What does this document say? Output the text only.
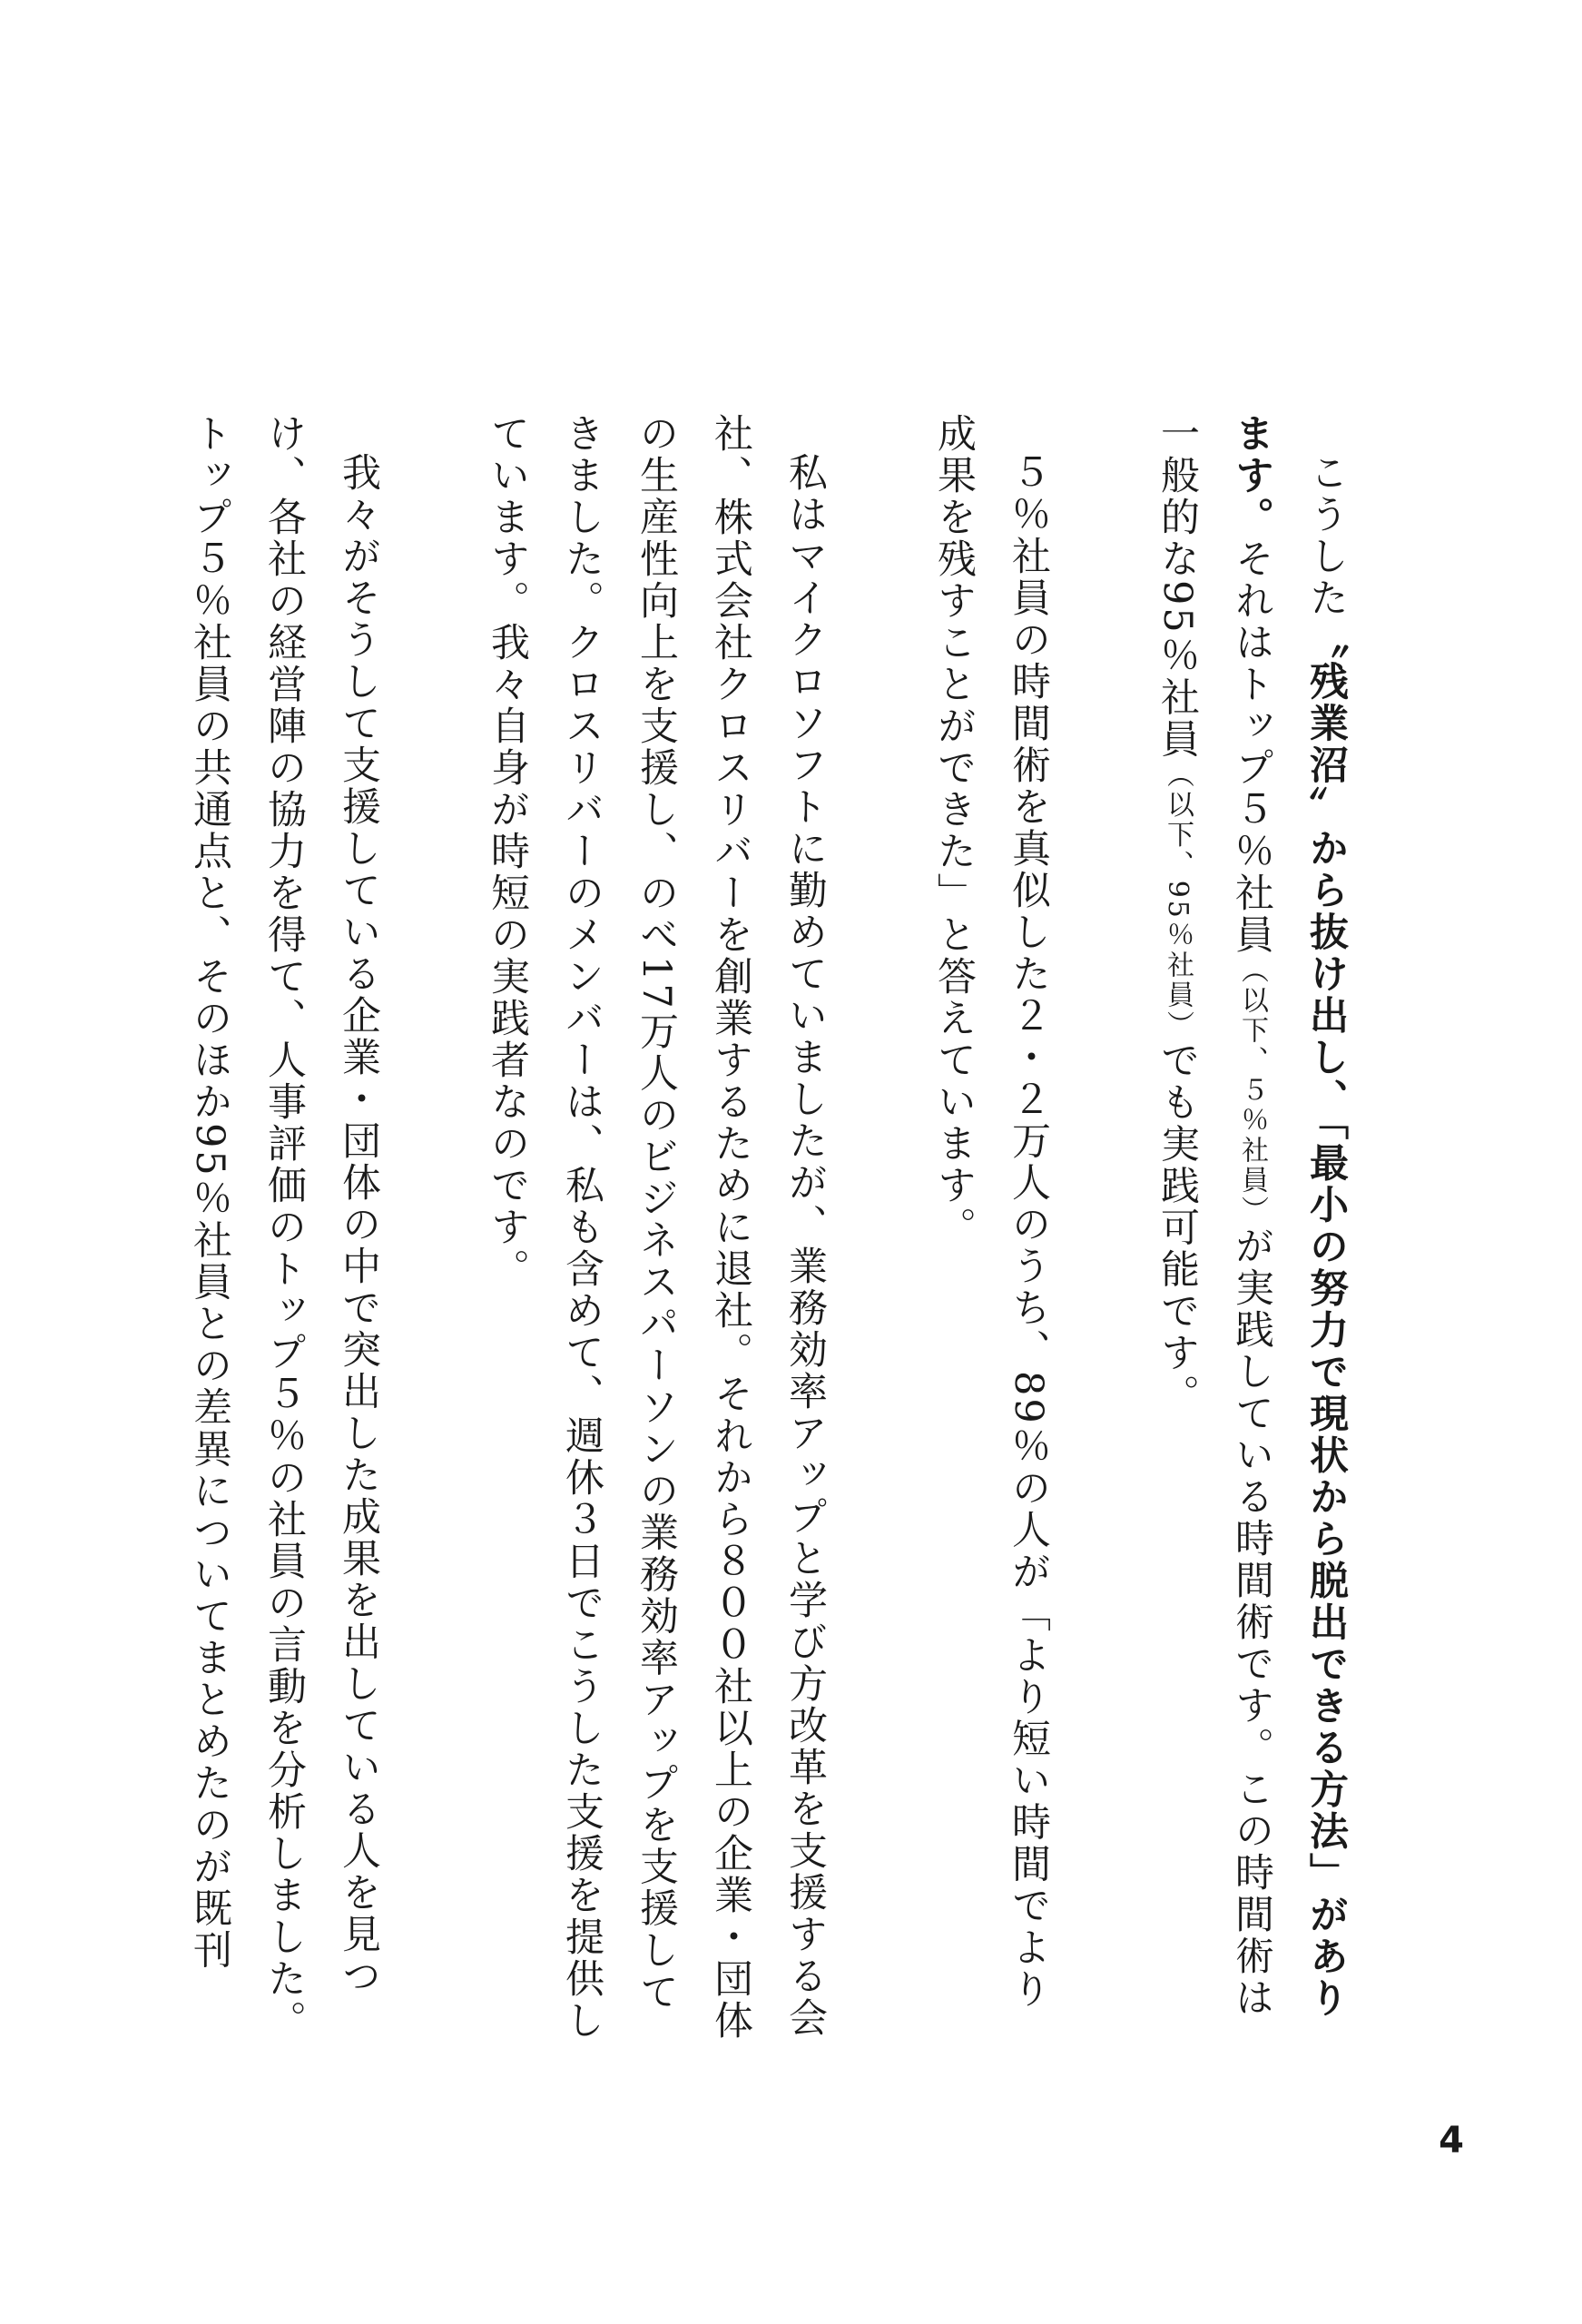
こうした〝残業沼〟から抜け出し、「最小の努力で現状から脱出できる方法」があります。それはトップ５％社員（以下、５％社員）が実践している時間術です。この時間術は一般的な95％社員（以下、95％社員）でも実践可能です。

５％社員の時間術を真似した２・２万人のうち、89％の人が「より短い時間でより成果を残すことができた」と答えています。

私はマイクロソフトに勤めていましたが、業務効率アップと学び方改革を支援する会社、株式会社クロスリバーを創業するために退社。それから８００社以上の企業・団体の生産性向上を支援し、のべ17万人のビジネスパーソンの業務効率アップを支援してきました。クロスリバーのメンバーは、私も含めて、週休３日でこうした支援を提供しています。我々自身が時短の実践者なのです。

我々がそうして支援している企業・団体の中で突出した成果を出している人を見つけ、各社の経営陣の協力を得て、人事評価のトップ５％の社員の言動を分析しました。トップ５％社員の共通点と、そのほか95％社員との差異についてまとめたのが既刊

4
